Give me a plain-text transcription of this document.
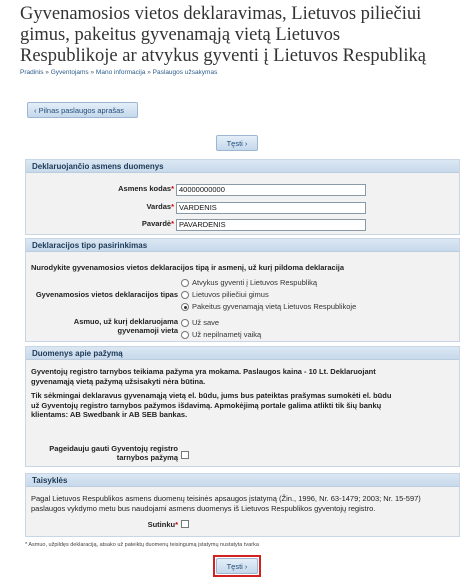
Gyvenamosios vietos deklaravimas, Lietuvos piliečiui
gimus, pakeitus gyvenamąją vietą Lietuvos
Respublikoje ar atvykus gyventi į Lietuvos Respubliką
Pradinis » Gyventojams » Mano informacija » Paslaugos užsakymas
‹ Pilnas paslaugos aprašas
Tęsti ›
Deklaruojančio asmens duomenys
Asmens kodas* 40000000000
Vardas* VARDENIS
Pavardė* PAVARDENIS
Deklaracijos tipo pasirinkimas
Nurodykite gyvenamosios vietos deklaracijos tipą ir asmenį, už kurį pildoma deklaracija
Gyvenamosios vietos deklaracijos tipas
Atvykus gyventi į Lietuvos Respubliką
Lietuvos piliečiui gimus
Pakeitus gyvenamąją vietą Lietuvos Respublikoje
Asmuo, už kurį deklaruojama
gyvenamoji vieta
Už save
Už nepilnametį vaiką
Duomenys apie pažymą
Gyventojų registro tarnybos teikiama pažyma yra mokama. Paslaugos kaina - 10 Lt. Deklaruojant
gyvenamąją vietą pažymą užsisakyti nėra būtina.
Tik sėkmingai deklaravus gyvenamąją vietą el. būdu, jums bus pateiktas prašymas sumokėti el. būdu
už Gyventojų registro tarnybos pažymos išdavimą. Apmokėjimą portale galima atlikti tik šių bankų
klientams: AB Swedbank ir AB SEB bankas.
Pageidauju gauti Gyventojų registro
tarnybos pažymą
Taisyklės
Pagal Lietuvos Respublikos asmens duomenų teisinės apsaugos įstatymą (Žin., 1996, Nr. 63-1479; 2003; Nr. 15-597)
paslaugos vykdymo metu bus naudojami asmens duomenys iš Lietuvos Respublikos gyventojų registro.
Sutinku*
* Asmuo, užpildęs deklaraciją, atsako už pateiktų duomenų teisingumą įstatymų nustatyta tvarka
Tęsti ›
